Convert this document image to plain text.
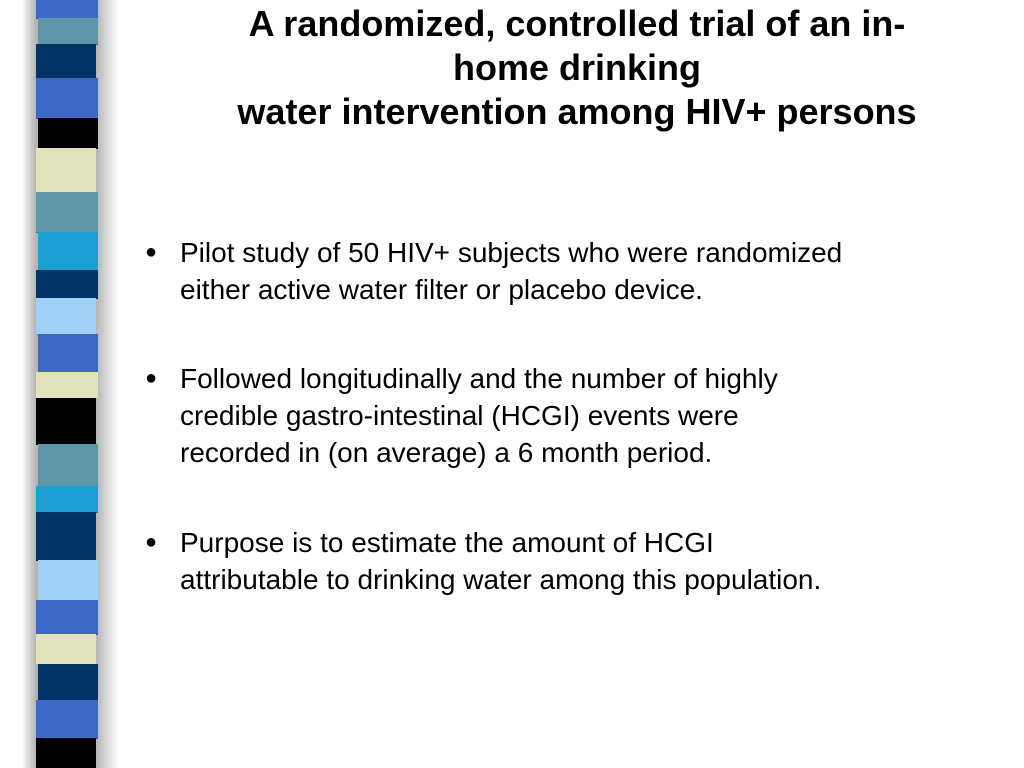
A randomized, controlled trial of an in-
home drinking
water intervention among HIV+ persons
● Pilot study of 50 HIV+ subjects who were randomized
either active water filter or placebo device.
● Followed longitudinally and the number of highly
credible gastro-intestinal (HCGI) events were
recorded in (on average) a 6 month period.
● Purpose is to estimate the amount of HCGI
attributable to drinking water among this population.
